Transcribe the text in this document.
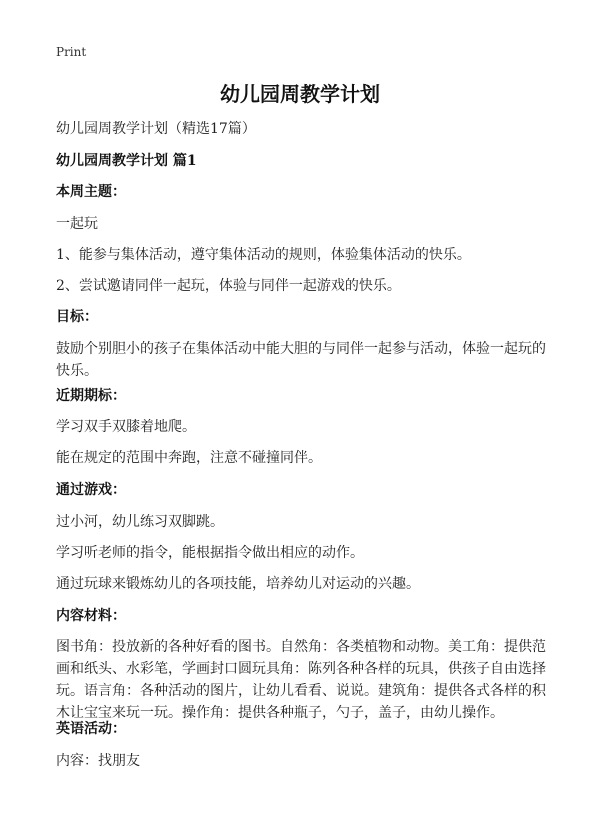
Print
幼儿园周教学计划
幼儿园周教学计划（精选17篇）
幼儿园周教学计划 篇1
本周主题：
一起玩
1、能参与集体活动，遵守集体活动的规则，体验集体活动的快乐。
2、尝试邀请同伴一起玩，体验与同伴一起游戏的快乐。
目标：
鼓励个别胆小的孩子在集体活动中能大胆的与同伴一起参与活动，体验一起玩的快乐。
近期期标：
学习双手双膝着地爬。
能在规定的范围中奔跑，注意不碰撞同伴。
通过游戏：
过小河，幼儿练习双脚跳。
学习听老师的指令，能根据指令做出相应的动作。
通过玩球来锻炼幼儿的各项技能，培养幼儿对运动的兴趣。
内容材料：
图书角：投放新的各种好看的图书。自然角：各类植物和动物。美工角：提供范画和纸头、水彩笔，学画封口圆玩具角：陈列各种各样的玩具，供孩子自由选择玩。语言角：各种活动的图片，让幼儿看看、说说。建筑角：提供各式各样的积木让宝宝来玩一玩。操作角：提供各种瓶子，勺子，盖子，由幼儿操作。
英语活动：
内容：找朋友
